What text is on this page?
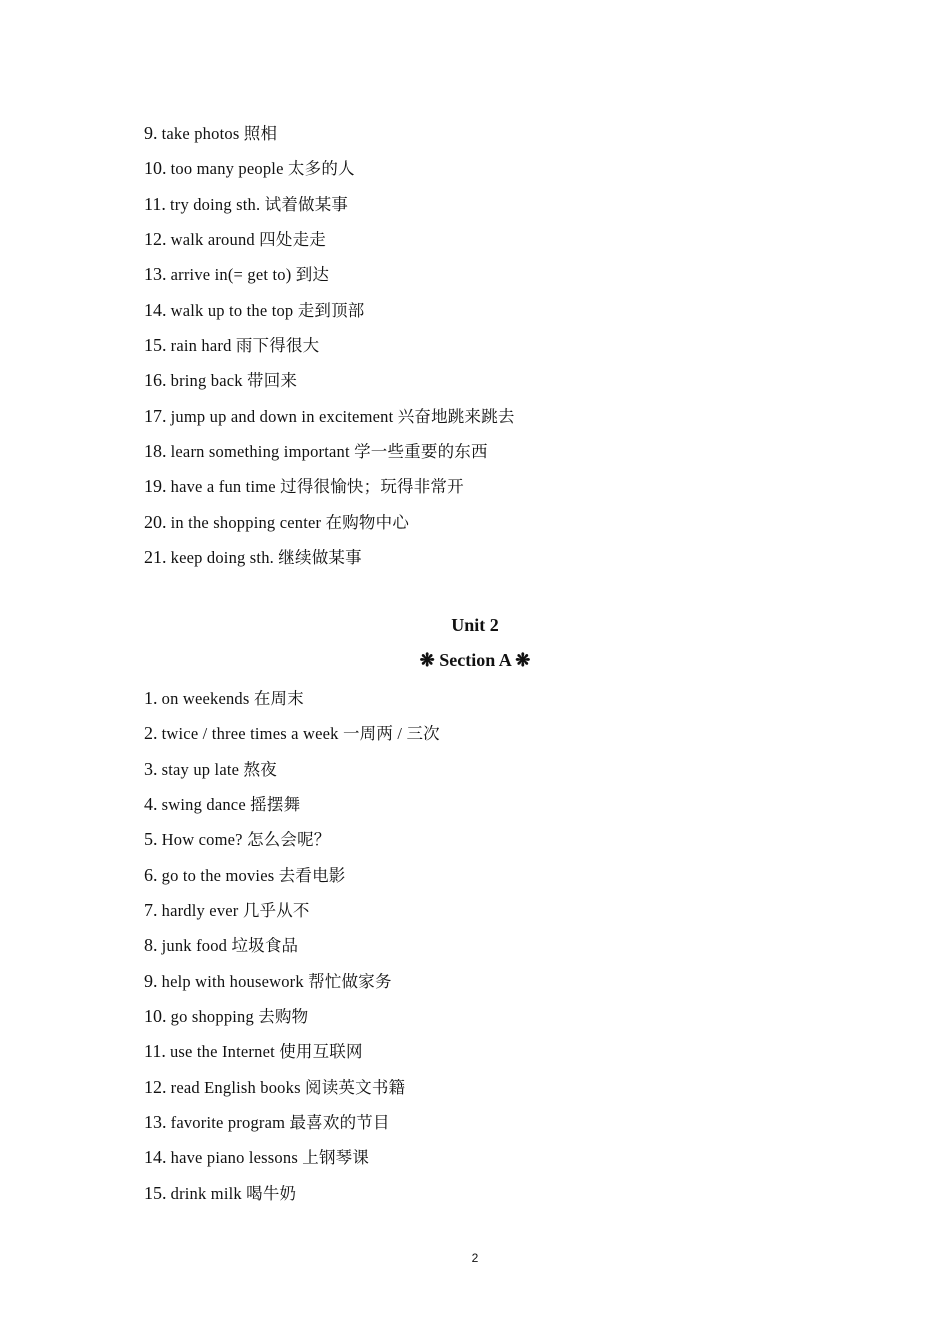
9. take photos 照相
10. too many people 太多的人
11. try doing sth. 试着做某事
12. walk around 四处走走
13. arrive in(= get to) 到达
14. walk up to the top 走到顶部
15. rain hard 雨下得很大
16. bring back 带回来
17. jump up and down in excitement 兴奋地跳来跳去
18. learn something important 学一些重要的东西
19. have a fun time 过得很愉快；玩得非常开
20. in the shopping center 在购物中心
21. keep doing sth. 继续做某事
Unit 2
❋ Section A ❋
1. on weekends 在周末
2. twice / three times a week 一周两 / 三次
3. stay up late 熬夜
4. swing dance 摇摆舞
5. How come? 怎么会呢？
6. go to the movies 去看电影
7. hardly ever 几乎从不
8. junk food 垃圾食品
9. help with housework 帮忙做家务
10. go shopping 去购物
11. use the Internet 使用互联网
12. read English books 阅读英文书籍
13. favorite program 最喜欢的节目
14. have piano lessons 上钢琴课
15. drink milk 喝牛奶
2
